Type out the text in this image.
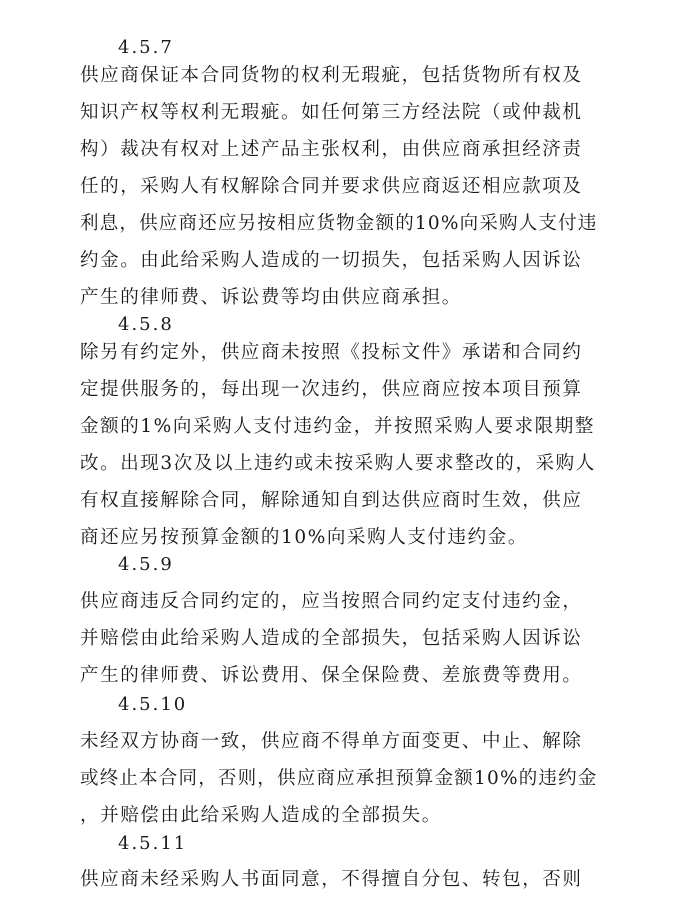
4.5.7
供应商保证本合同货物的权利无瑕疵，包括货物所有权及
知识产权等权利无瑕疵。如任何第三方经法院（或仲裁机
构）裁决有权对上述产品主张权利，由供应商承担经济责
任的，采购人有权解除合同并要求供应商返还相应款项及
利息，供应商还应另按相应货物金额的10%向采购人支付违
约金。由此给采购人造成的一切损失，包括采购人因诉讼
产生的律师费、诉讼费等均由供应商承担。
4.5.8
除另有约定外，供应商未按照《投标文件》承诺和合同约
定提供服务的，每出现一次违约，供应商应按本项目预算
金额的1%向采购人支付违约金，并按照采购人要求限期整
改。出现3次及以上违约或未按采购人要求整改的，采购人
有权直接解除合同，解除通知自到达供应商时生效，供应
商还应另按预算金额的10%向采购人支付违约金。
4.5.9
供应商违反合同约定的，应当按照合同约定支付违约金，
并赔偿由此给采购人造成的全部损失，包括采购人因诉讼
产生的律师费、诉讼费用、保全保险费、差旅费等费用。
4.5.10
未经双方协商一致，供应商不得单方面变更、中止、解除
或终止本合同，否则，供应商应承担预算金额10%的违约金
，并赔偿由此给采购人造成的全部损失。
4.5.11
供应商未经采购人书面同意，不得擅自分包、转包，否则
